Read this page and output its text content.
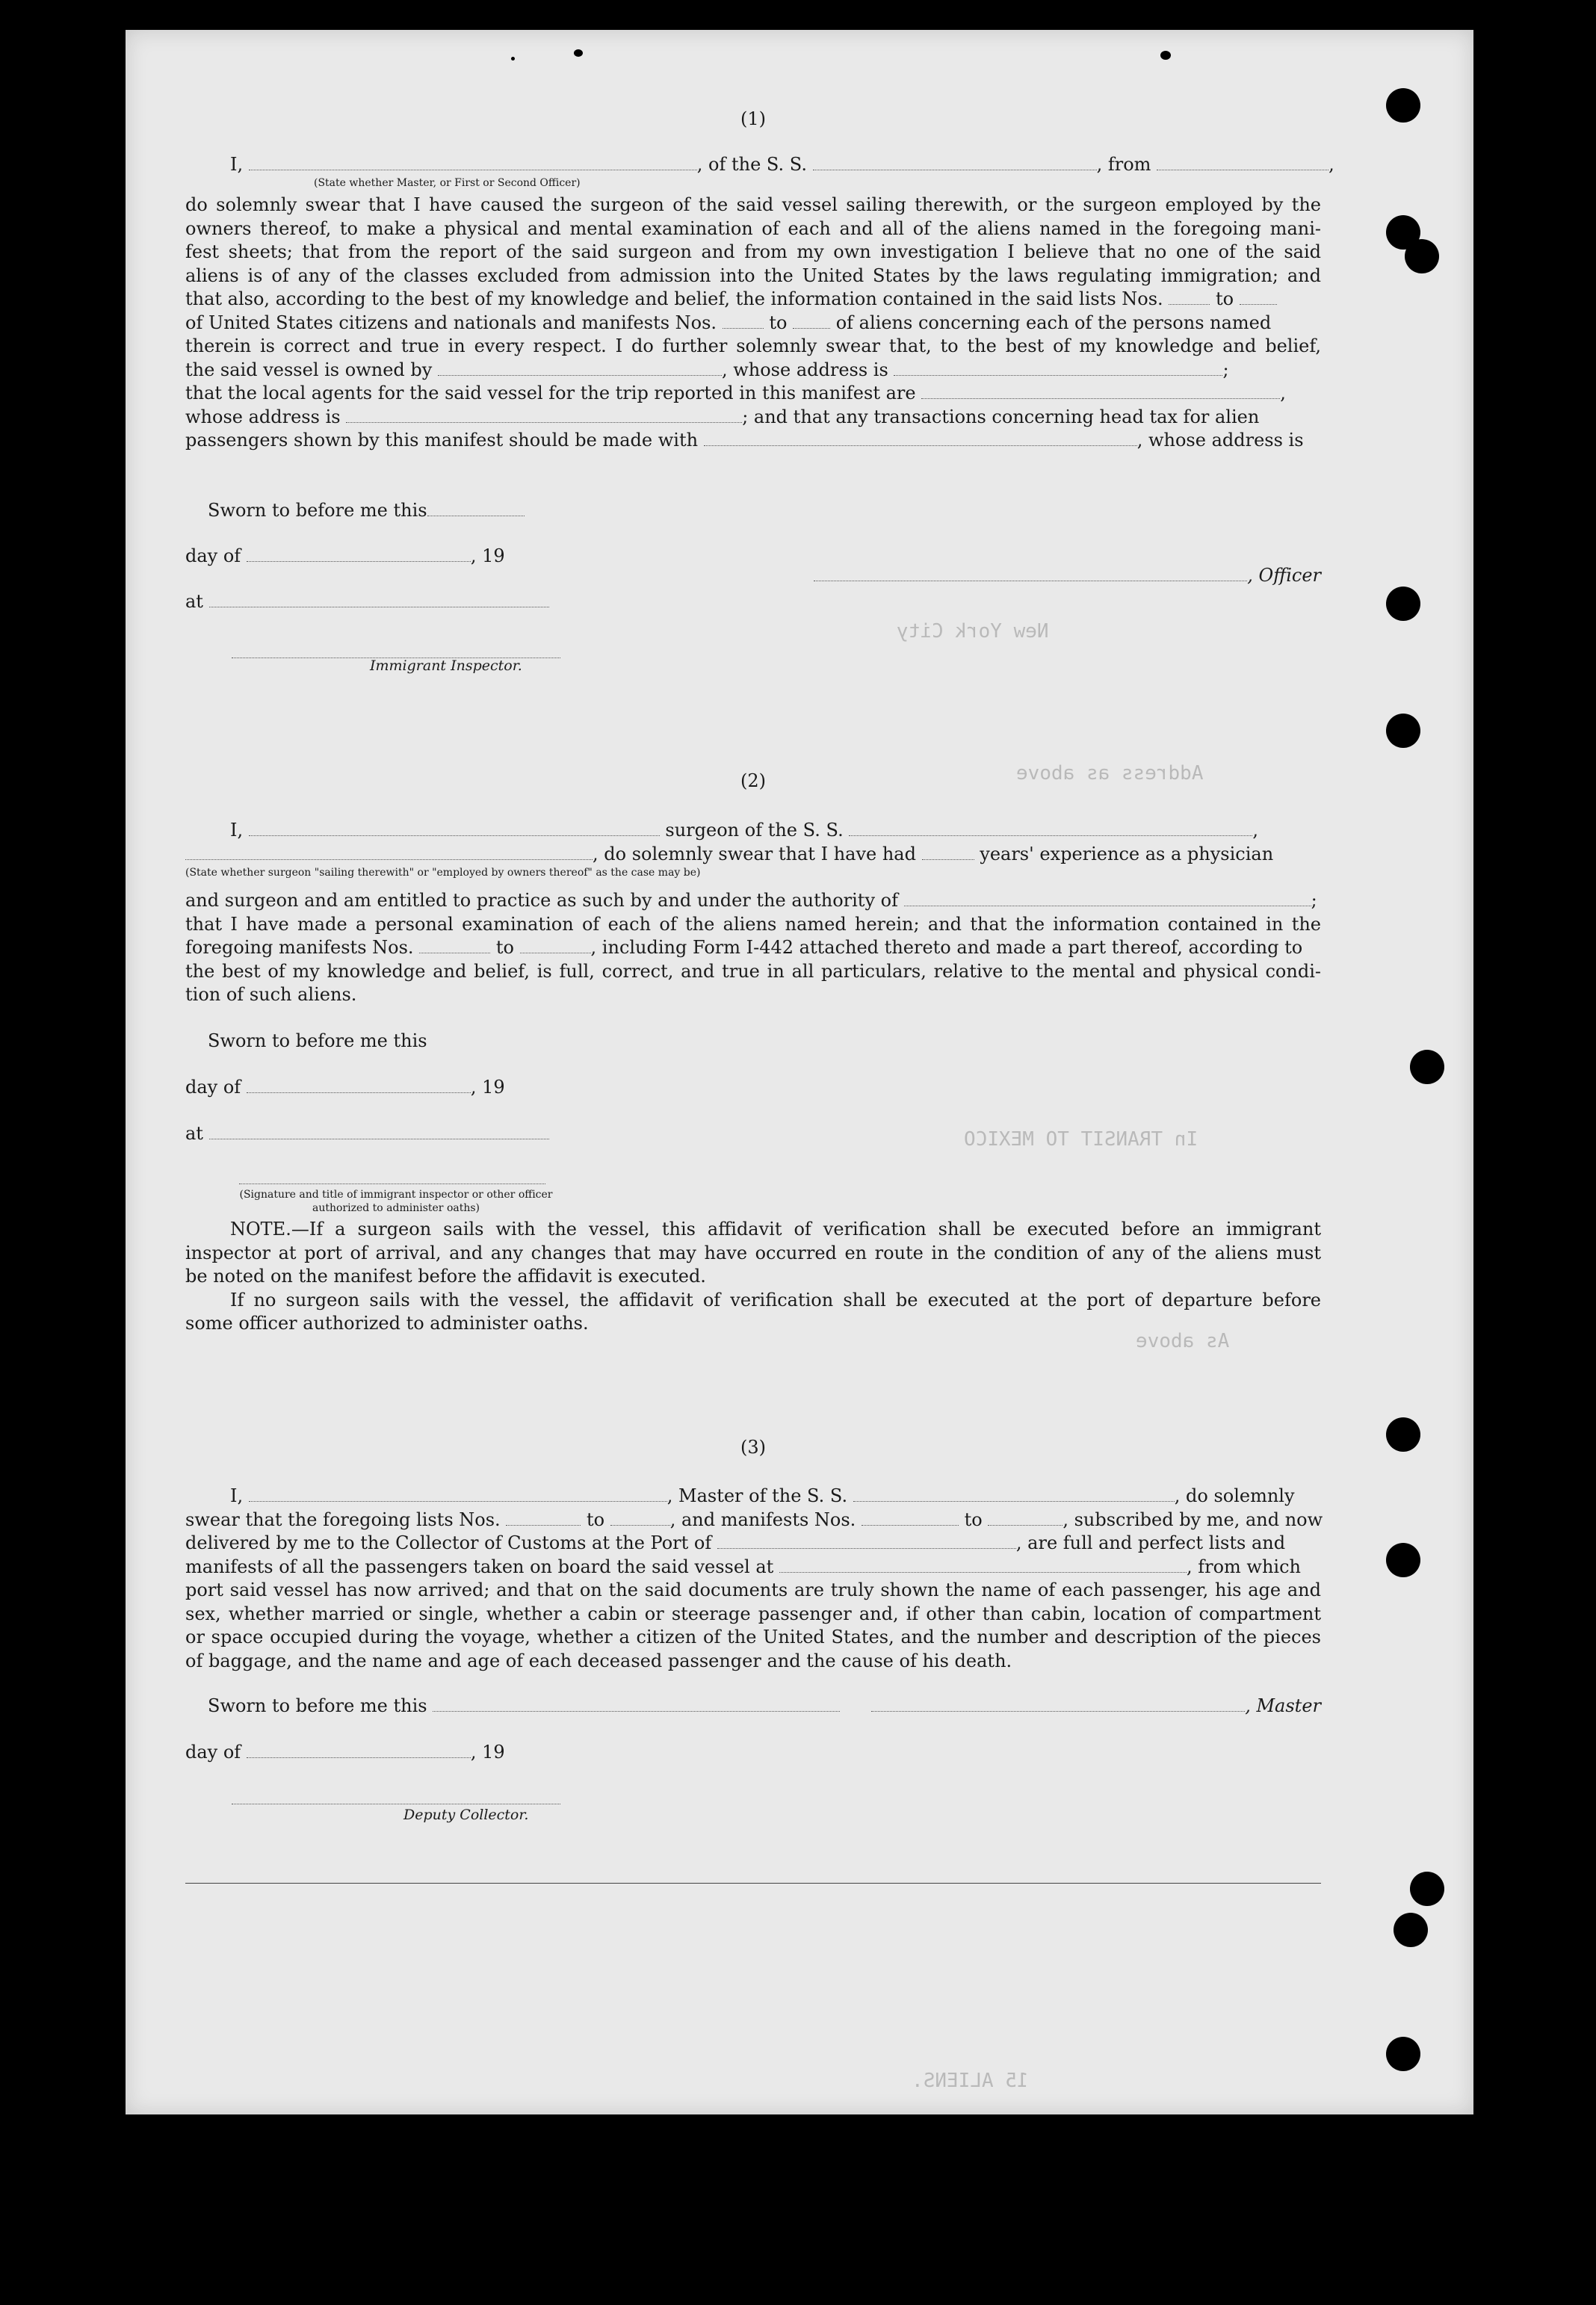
15 ALIENS.
As above
Address as above
In TRANSIT TO MEXICO
New York City
(1)
I,	, of the S. S.	, from
(State whether Master, or First or Second Officer)
do solemnly swear that I have caused the surgeon of the said vessel sailing therewith, or the surgeon employed by the
owners thereof, to make a physical and mental examination of each and all of the aliens named in the foregoing mani-
fest sheets; that from the report of the said surgeon and from my own investigation I believe that no one of the said
aliens is of any of the classes excluded from admission into the United States by the laws regulating immigration; and
that also, according to the best of my knowledge and belief, the information contained in the said lists Nos.	to
of United States citizens and nationals and manifests Nos.	to	of aliens concerning each of the persons named
therein is correct and true in every respect. I do further solemnly swear that, to the best of my knowledge and belief,
the said vessel is owned by	, whose address is	;
that the local agents for the said vessel for the trip reported in this manifest are	,
whose address is	; and that any transactions concerning head tax for alien
passengers shown by this manifest should be made with	, whose address is
Sworn to before me this
day of	, 19
, Officer
at
Immigrant Inspector.
(2)
I,	surgeon of the S. S.	,
, do solemnly swear that I have had	years' experience as a physician
(State whether surgeon "sailing therewith" or "employed by owners thereof" as the case may be)
and surgeon and am entitled to practice as such by and under the authority of	;
that I have made a personal examination of each of the aliens named herein; and that the information contained in the
foregoing manifests Nos.	to	, including Form I-442 attached thereto and made a part thereof, according to
the best of my knowledge and belief, is full, correct, and true in all particulars, relative to the mental and physical condi-
tion of such aliens.
Sworn to before me this
day of	, 19
at
(Signature and title of immigrant inspector or other officer authorized to administer oaths)
NOTE.—If a surgeon sails with the vessel, this affidavit of verification shall be executed before an immigrant
inspector at port of arrival, and any changes that may have occurred en route in the condition of any of the aliens must
be noted on the manifest before the affidavit is executed.
If no surgeon sails with the vessel, the affidavit of verification shall be executed at the port of departure before
some officer authorized to administer oaths.
(3)
I,	, Master of the S. S.	, do solemnly
swear that the foregoing lists Nos.	to	, and manifests Nos.	to	, subscribed by me, and now
delivered by me to the Collector of Customs at the Port of	, are full and perfect lists and
manifests of all the passengers taken on board the said vessel at	, from which
port said vessel has now arrived; and that on the said documents are truly shown the name of each passenger, his age and
sex, whether married or single, whether a cabin or steerage passenger and, if other than cabin, location of compartment
or space occupied during the voyage, whether a citizen of the United States, and the number and description of the pieces
of baggage, and the name and age of each deceased passenger and the cause of his death.
Sworn to before me this	, Master
day of	, 19
Deputy Collector.
